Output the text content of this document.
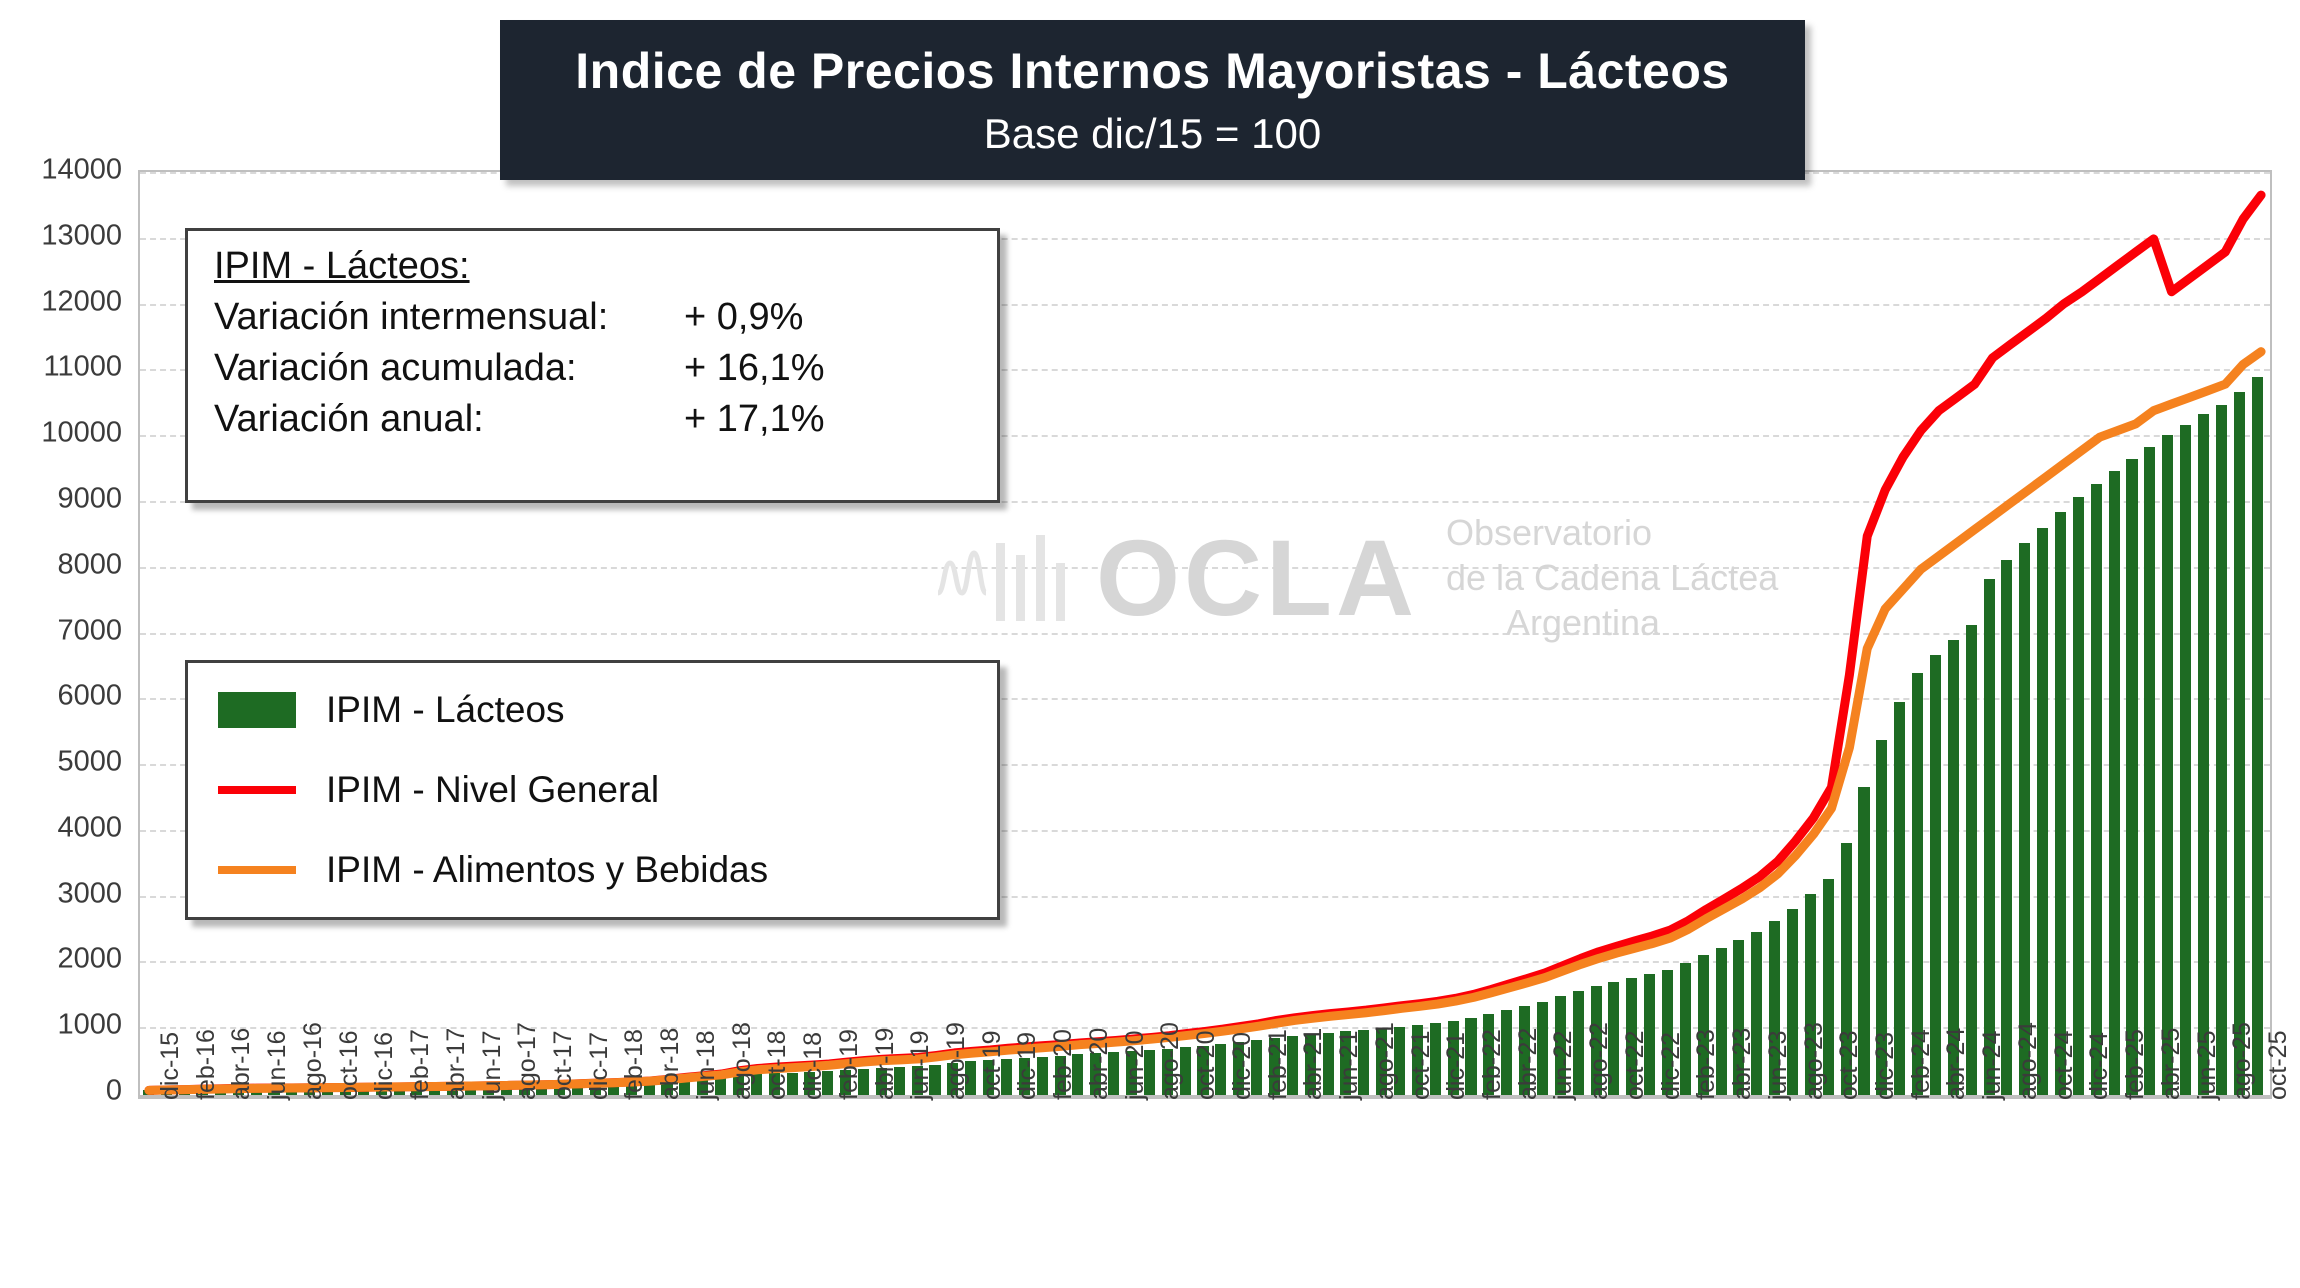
Indice de Precios Internos Mayoristas - Lácteos
Base dic/15 = 100
0
1000
2000
3000
4000
5000
6000
7000
8000
9000
10000
11000
12000
13000
14000
dic-15 feb-16 abr-16 jun-16 ago-16 oct-16 dic-16 feb-17 abr-17 jun-17 ago-17 oct-17 dic-17 feb-18 abr-18 jun-18 ago-18 oct-18 dic-18 feb-19 abr-19 jun-19 ago-19 oct-19 dic-19 feb-20 abr-20 jun-20 ago-20 oct-20 dic-20 feb-21 abr-21 jun-21 ago-21 oct-21 dic-21 feb-22 abr-22 jun-22 ago-22 oct-22 dic-22 feb-23 abr-23 jun-23 ago-23 oct-23 dic-23 feb-24 abr-24 jun-24 ago-24 oct-24 dic-24 feb-25 abr-25 jun-25 ago-25 oct-25
OCLA Observatorio
de la Cadena Láctea
Argentina
IPIM - Lácteos:
Variación intermensual:	+ 0,9%
Variación acumulada:	+ 16,1%
Variación anual:	+ 17,1%
IPIM - Lácteos
IPIM - Nivel General
IPIM - Alimentos y Bebidas
